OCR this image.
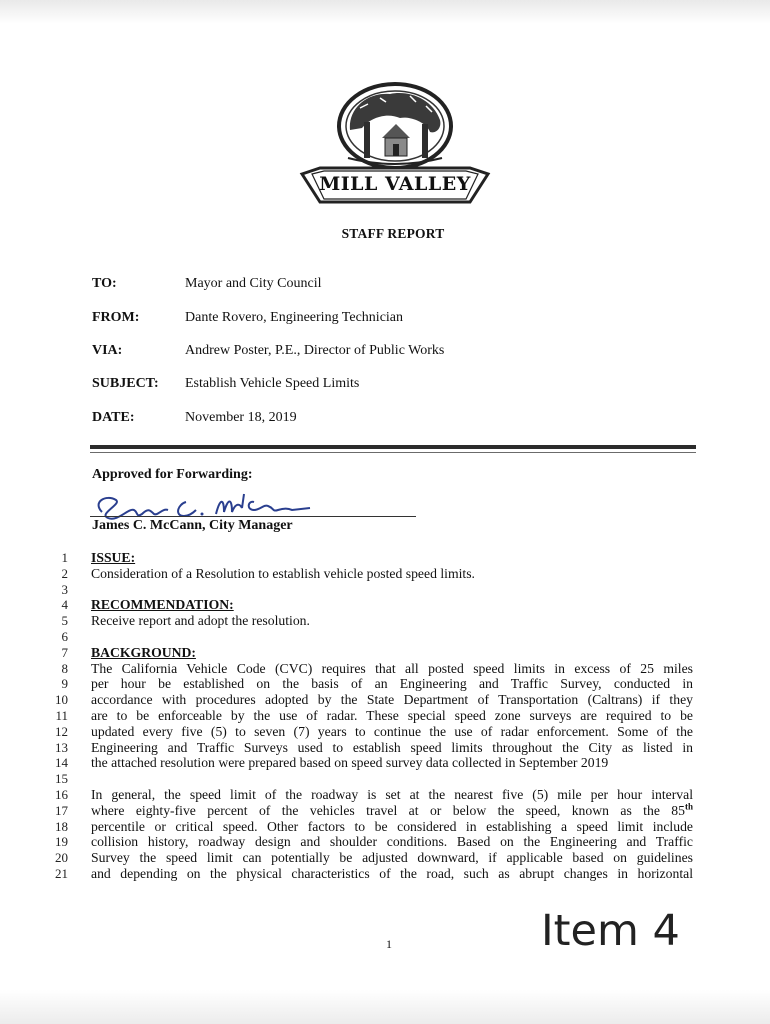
MILL VALLEY
STAFF REPORT
TO:	Mayor and City Council
FROM:	Dante Rovero, Engineering Technician
VIA:	Andrew Poster, P.E., Director of Public Works
SUBJECT:	Establish Vehicle Speed Limits
DATE:	November 18, 2019
Approved for Forwarding:
James C. McCann, City Manager
1
2
3
4
5
6
7
8
9
10
11
12
13
14
15
16
17
18
19
20
21
ISSUE:
Consideration of a Resolution to establish vehicle posted speed limits.
RECOMMENDATION:
Receive report and adopt the resolution.
BACKGROUND:
The California Vehicle Code (CVC) requires that all posted speed limits in excess of 25 miles
per hour be established on the basis of an Engineering and Traffic Survey, conducted in
accordance with procedures adopted by the State Department of Transportation (Caltrans) if they
are to be enforceable by the use of radar. These special speed zone surveys are required to be
updated every five (5) to seven (7) years to continue the use of radar enforcement. Some of the
Engineering and Traffic Surveys used to establish speed limits throughout the City as listed in
the attached resolution were prepared based on speed survey data collected in September 2019
In general, the speed limit of the roadway is set at the nearest five (5) mile per hour interval
where eighty-five percent of the vehicles travel at or below the speed, known as the 85th
percentile or critical speed. Other factors to be considered in establishing a speed limit include
collision history, roadway design and shoulder conditions. Based on the Engineering and Traffic
Survey the speed limit can potentially be adjusted downward, if applicable based on guidelines
and depending on the physical characteristics of the road, such as abrupt changes in horizontal
1	Item 4
